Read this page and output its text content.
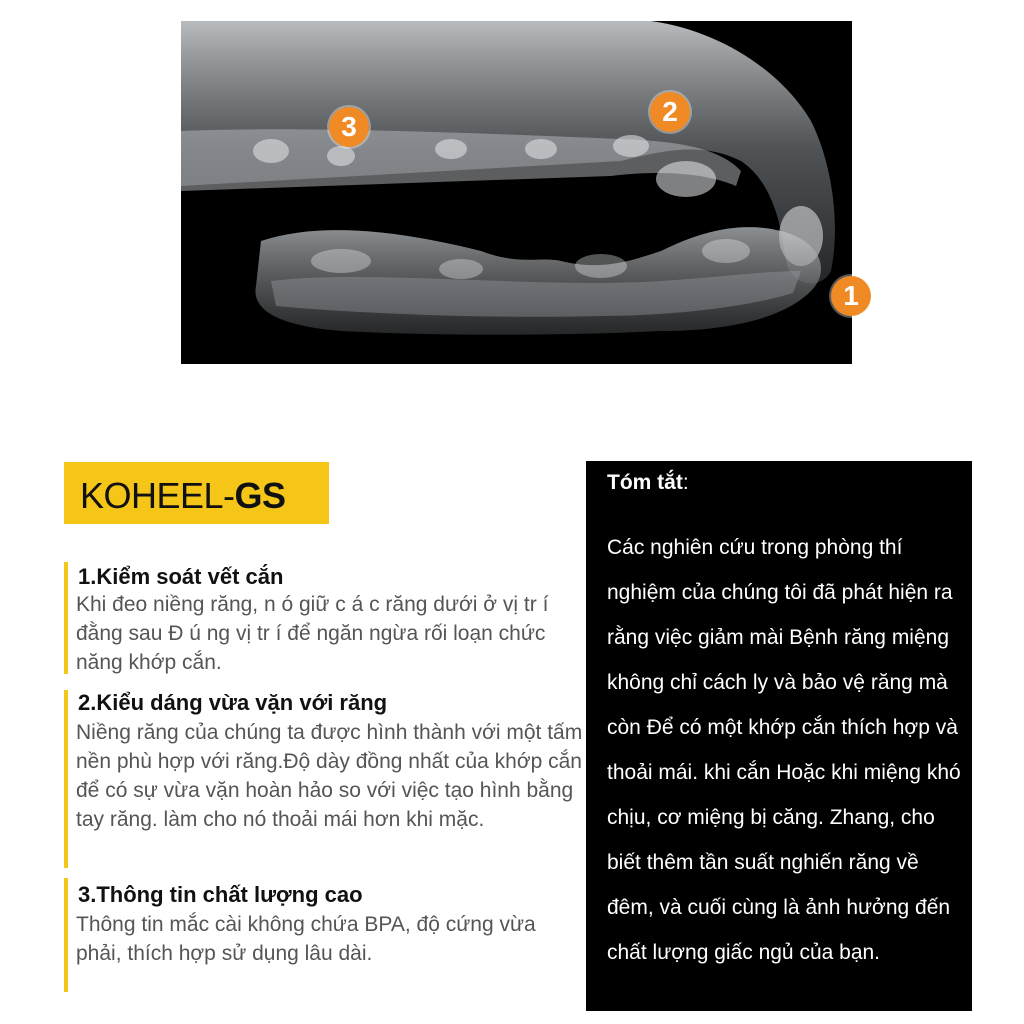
1
2
3
KOHEEL-GS
1.Kiểm soát vết cắn

Khi đeo niềng răng, n ó giữ c á c răng dưới ở vị tr í đằng sau Đ ú ng vị tr í để ngăn ngừa rối loạn chức năng khớp cắn.

2.Kiểu dáng vừa vặn với răng

Niềng răng của chúng ta được hình thành với một tấm nền phù hợp với răng.Độ dày đồng nhất của khớp cắn để có sự vừa vặn hoàn hảo so với việc tạo hình bằng tay răng. làm cho nó thoải mái hơn khi mặc.

3.Thông tin chất lượng cao

Thông tin mắc cài không chứa BPA, độ cứng vừa phải, thích hợp sử dụng lâu dài.

Tóm tắt:

Các nghiên cứu trong phòng thí nghiệm của chúng tôi đã phát hiện ra rằng việc giảm mài Bệnh răng miệng không chỉ cách ly và bảo vệ răng mà còn Để có một khớp cắn thích hợp và thoải mái. khi cắn Hoặc khi miệng khó chịu, cơ miệng bị căng. Zhang, cho biết thêm tần suất nghiến răng về đêm, và cuối cùng là ảnh hưởng đến chất lượng giấc ngủ của bạn.
